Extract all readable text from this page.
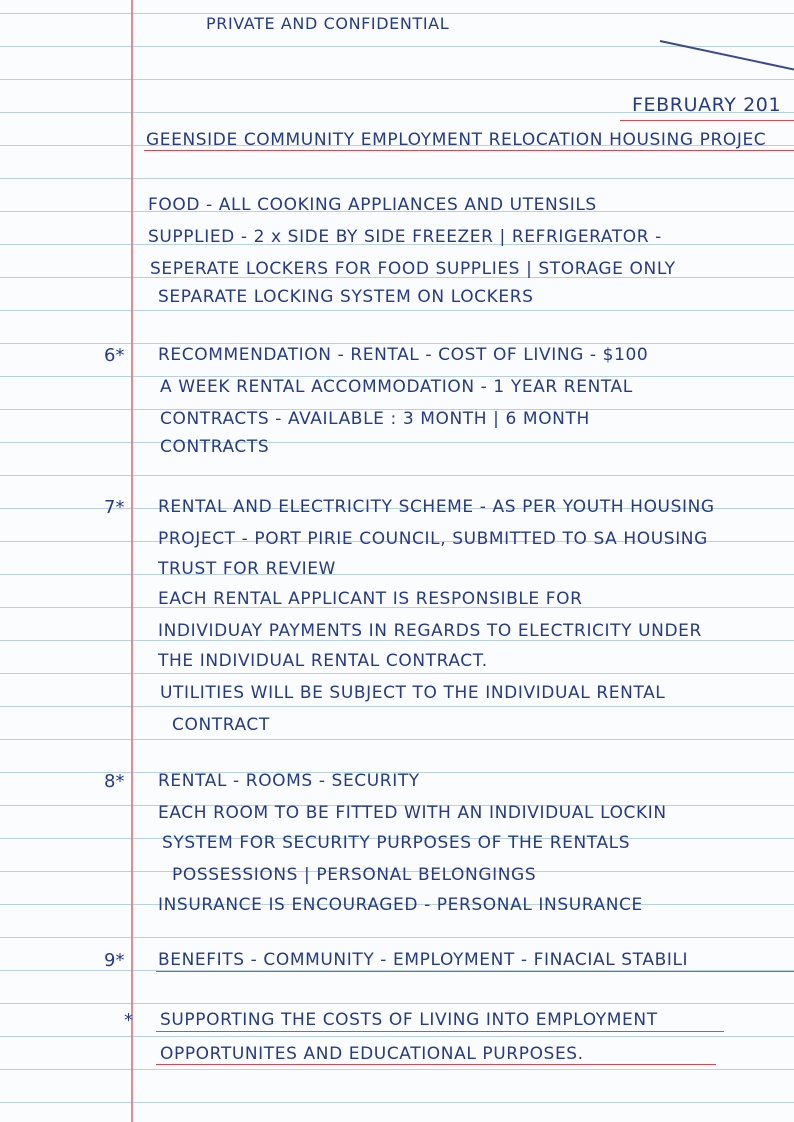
PRIVATE AND CONFIDENTIAL
FEBRUARY 201
GEENSIDE COMMUNITY EMPLOYMENT RELOCATION HOUSING PROJEC
FOOD - ALL COOKING APPLIANCES AND UTENSILS
SUPPLIED - 2 x SIDE BY SIDE FREEZER | REFRIGERATOR -
SEPERATE LOCKERS FOR FOOD SUPPLIES | STORAGE ONLY
SEPARATE LOCKING SYSTEM ON LOCKERS
6* RECOMMENDATION - RENTAL - COST OF LIVING - $100
A WEEK RENTAL ACCOMMODATION - 1 YEAR RENTAL
CONTRACTS - AVAILABLE : 3 MONTH | 6 MONTH
CONTRACTS
7* RENTAL AND ELECTRICITY SCHEME - AS PER YOUTH HOUSING
PROJECT - PORT PIRIE COUNCIL, SUBMITTED TO SA HOUSING
TRUST FOR REVIEW
EACH RENTAL APPLICANT IS RESPONSIBLE FOR
INDIVIDUAY PAYMENTS IN REGARDS TO ELECTRICITY UNDER
THE INDIVIDUAL RENTAL CONTRACT.
UTILITIES WILL BE SUBJECT TO THE INDIVIDUAL RENTAL
CONTRACT
8* RENTAL - ROOMS - SECURITY
EACH ROOM TO BE FITTED WITH AN INDIVIDUAL LOCKIN
SYSTEM FOR SECURITY PURPOSES OF THE RENTALS
POSSESSIONS | PERSONAL BELONGINGS
INSURANCE IS ENCOURAGED - PERSONAL INSURANCE
9* BENEFITS - COMMUNITY - EMPLOYMENT - FINACIAL STABILI
* SUPPORTING THE COSTS OF LIVING INTO EMPLOYMENT
OPPORTUNITES AND EDUCATIONAL PURPOSES.
